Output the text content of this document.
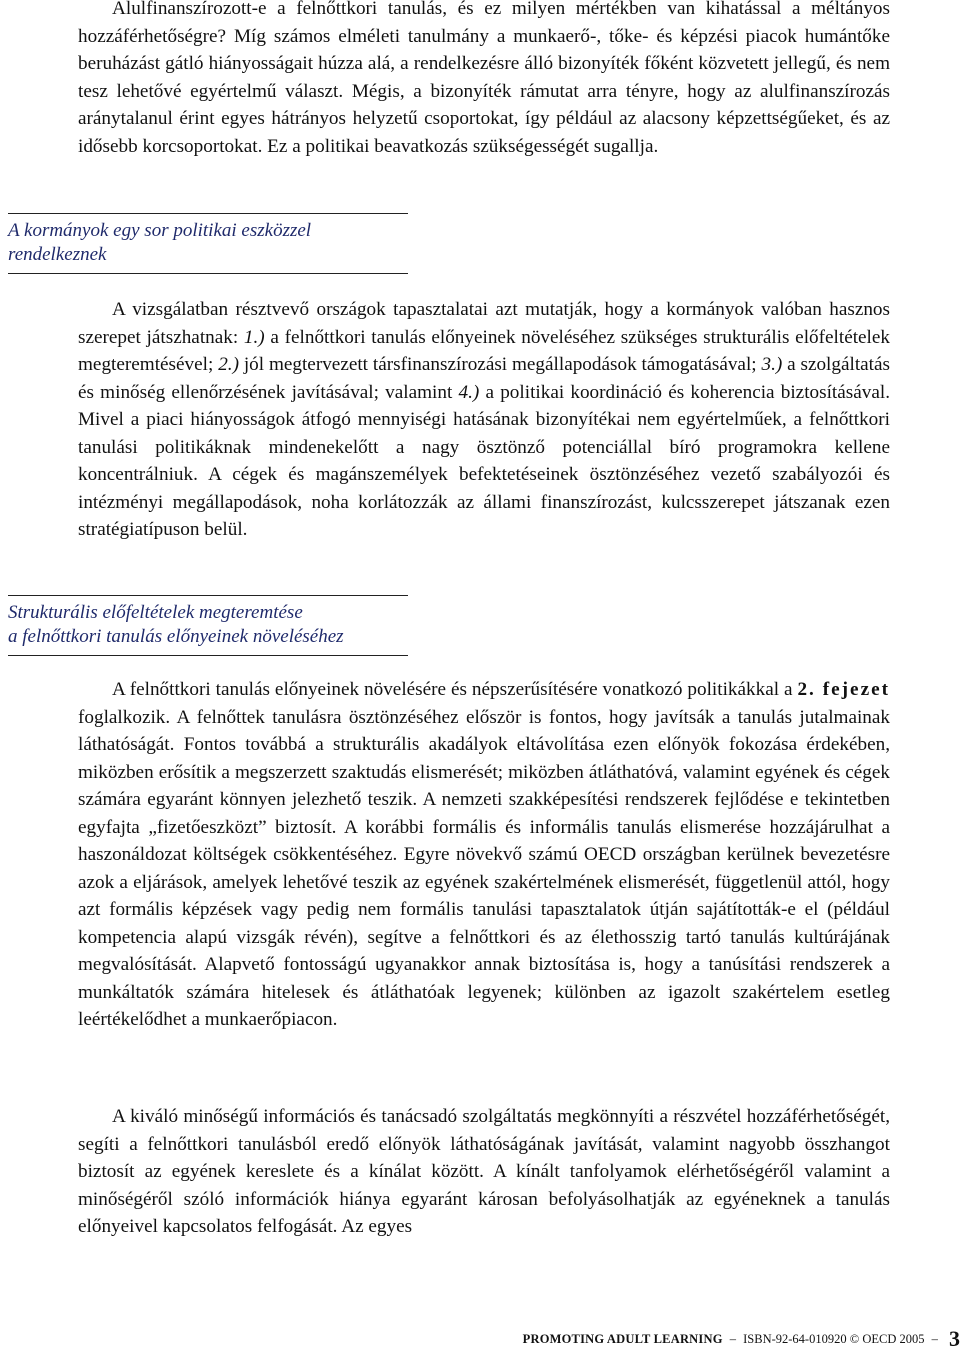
Alulfinanszírozott-e a felnőttkori tanulás, és ez milyen mértékben van kihatással a méltányos hozzáférhetőségre? Míg számos elméleti tanulmány a munkaerő-, tőke- és képzési piacok humántőke beruházást gátló hiányosságait húzza alá, a rendelkezésre álló bizonyíték főként közvetett jellegű, és nem tesz lehetővé egyértelmű választ. Mégis, a bizonyíték rámutat arra tényre, hogy az alulfinanszírozás aránytalanul érint egyes hátrányos helyzetű csoportokat, így például az alacsony képzettségűeket, és az idősebb korcsoportokat. Ez a politikai beavatkozás szükségességét sugallja.

A kormányok egy sor politikai eszközzel
rendelkeznek

A vizsgálatban résztvevő országok tapasztalatai azt mutatják, hogy a kormányok valóban hasznos szerepet játszhatnak: 1.) a felnőttkori tanulás előnyeinek növeléséhez szükséges strukturális előfeltételek megteremtésével; 2.) jól megtervezett társfinanszírozási megállapodások támogatásával; 3.) a szolgáltatás és minőség ellenőrzésének javításával; valamint 4.) a politikai koordináció és koherencia biztosításával. Mivel a piaci hiányosságok átfogó mennyiségi hatásának bizonyítékai nem egyértelműek, a felnőttkori tanulási politikáknak mindenekelőtt a nagy ösztönző potenciállal bíró programokra kellene koncentrálniuk. A cégek és magánszemélyek befektetéseinek ösztönzéséhez vezető szabályozói és intézményi megállapodások, noha korlátozzák az állami finanszírozást, kulcsszerepet játszanak ezen stratégiatípuson belül.

Strukturális előfeltételek megteremtése
a felnőttkori tanulás előnyeinek növeléséhez

A felnőttkori tanulás előnyeinek növelésére és népszerűsítésére vonatkozó politikákkal a 2. fejezet foglalkozik. A felnőttek tanulásra ösztönzéséhez először is fontos, hogy javítsák a tanulás jutalmainak láthatóságát. Fontos továbbá a strukturális akadályok eltávolítása ezen előnyök fokozása érdekében, miközben erősítik a megszerzett szaktudás elismerését; miközben átláthatóvá, valamint egyének és cégek számára egyaránt könnyen jelezhető teszik. A nemzeti szakképesítési rendszerek fejlődése e tekintetben egyfajta „fizetőeszközt” biztosít. A korábbi formális és informális tanulás elismerése hozzájárulhat a haszonáldozat költségek csökkentéséhez. Egyre növekvő számú OECD országban kerülnek bevezetésre azok a eljárások, amelyek lehetővé teszik az egyének szakértelmének elismerését, függetlenül attól, hogy azt formális képzések vagy pedig nem formális tanulási tapasztalatok útján sajátították-e el (például kompetencia alapú vizsgák révén), segítve a felnőttkori és az élethosszig tartó tanulás kultúrájának megvalósítását. Alapvető fontosságú ugyanakkor annak biztosítása is, hogy a tanúsítási rendszerek a munkáltatók számára hitelesek és átláthatóak legyenek; különben az igazolt szakértelem esetleg leértékelődhet a munkaerőpiacon.

A kiváló minőségű információs és tanácsadó szolgáltatás megkönnyíti a részvétel hozzáférhetőségét, segíti a felnőttkori tanulásból eredő előnyök láthatóságának javítását, valamint nagyobb összhangot biztosít az egyének kereslete és a kínálat között. A kínált tanfolyamok elérhetőségéről valamint a minőségéről szóló információk hiánya egyaránt károsan befolyásolhatják az egyéneknek a tanulás előnyeivel kapcsolatos felfogását. Az egyes

PROMOTING ADULT LEARNING – ISBN-92-64-010920 © OECD 2005 – 3
